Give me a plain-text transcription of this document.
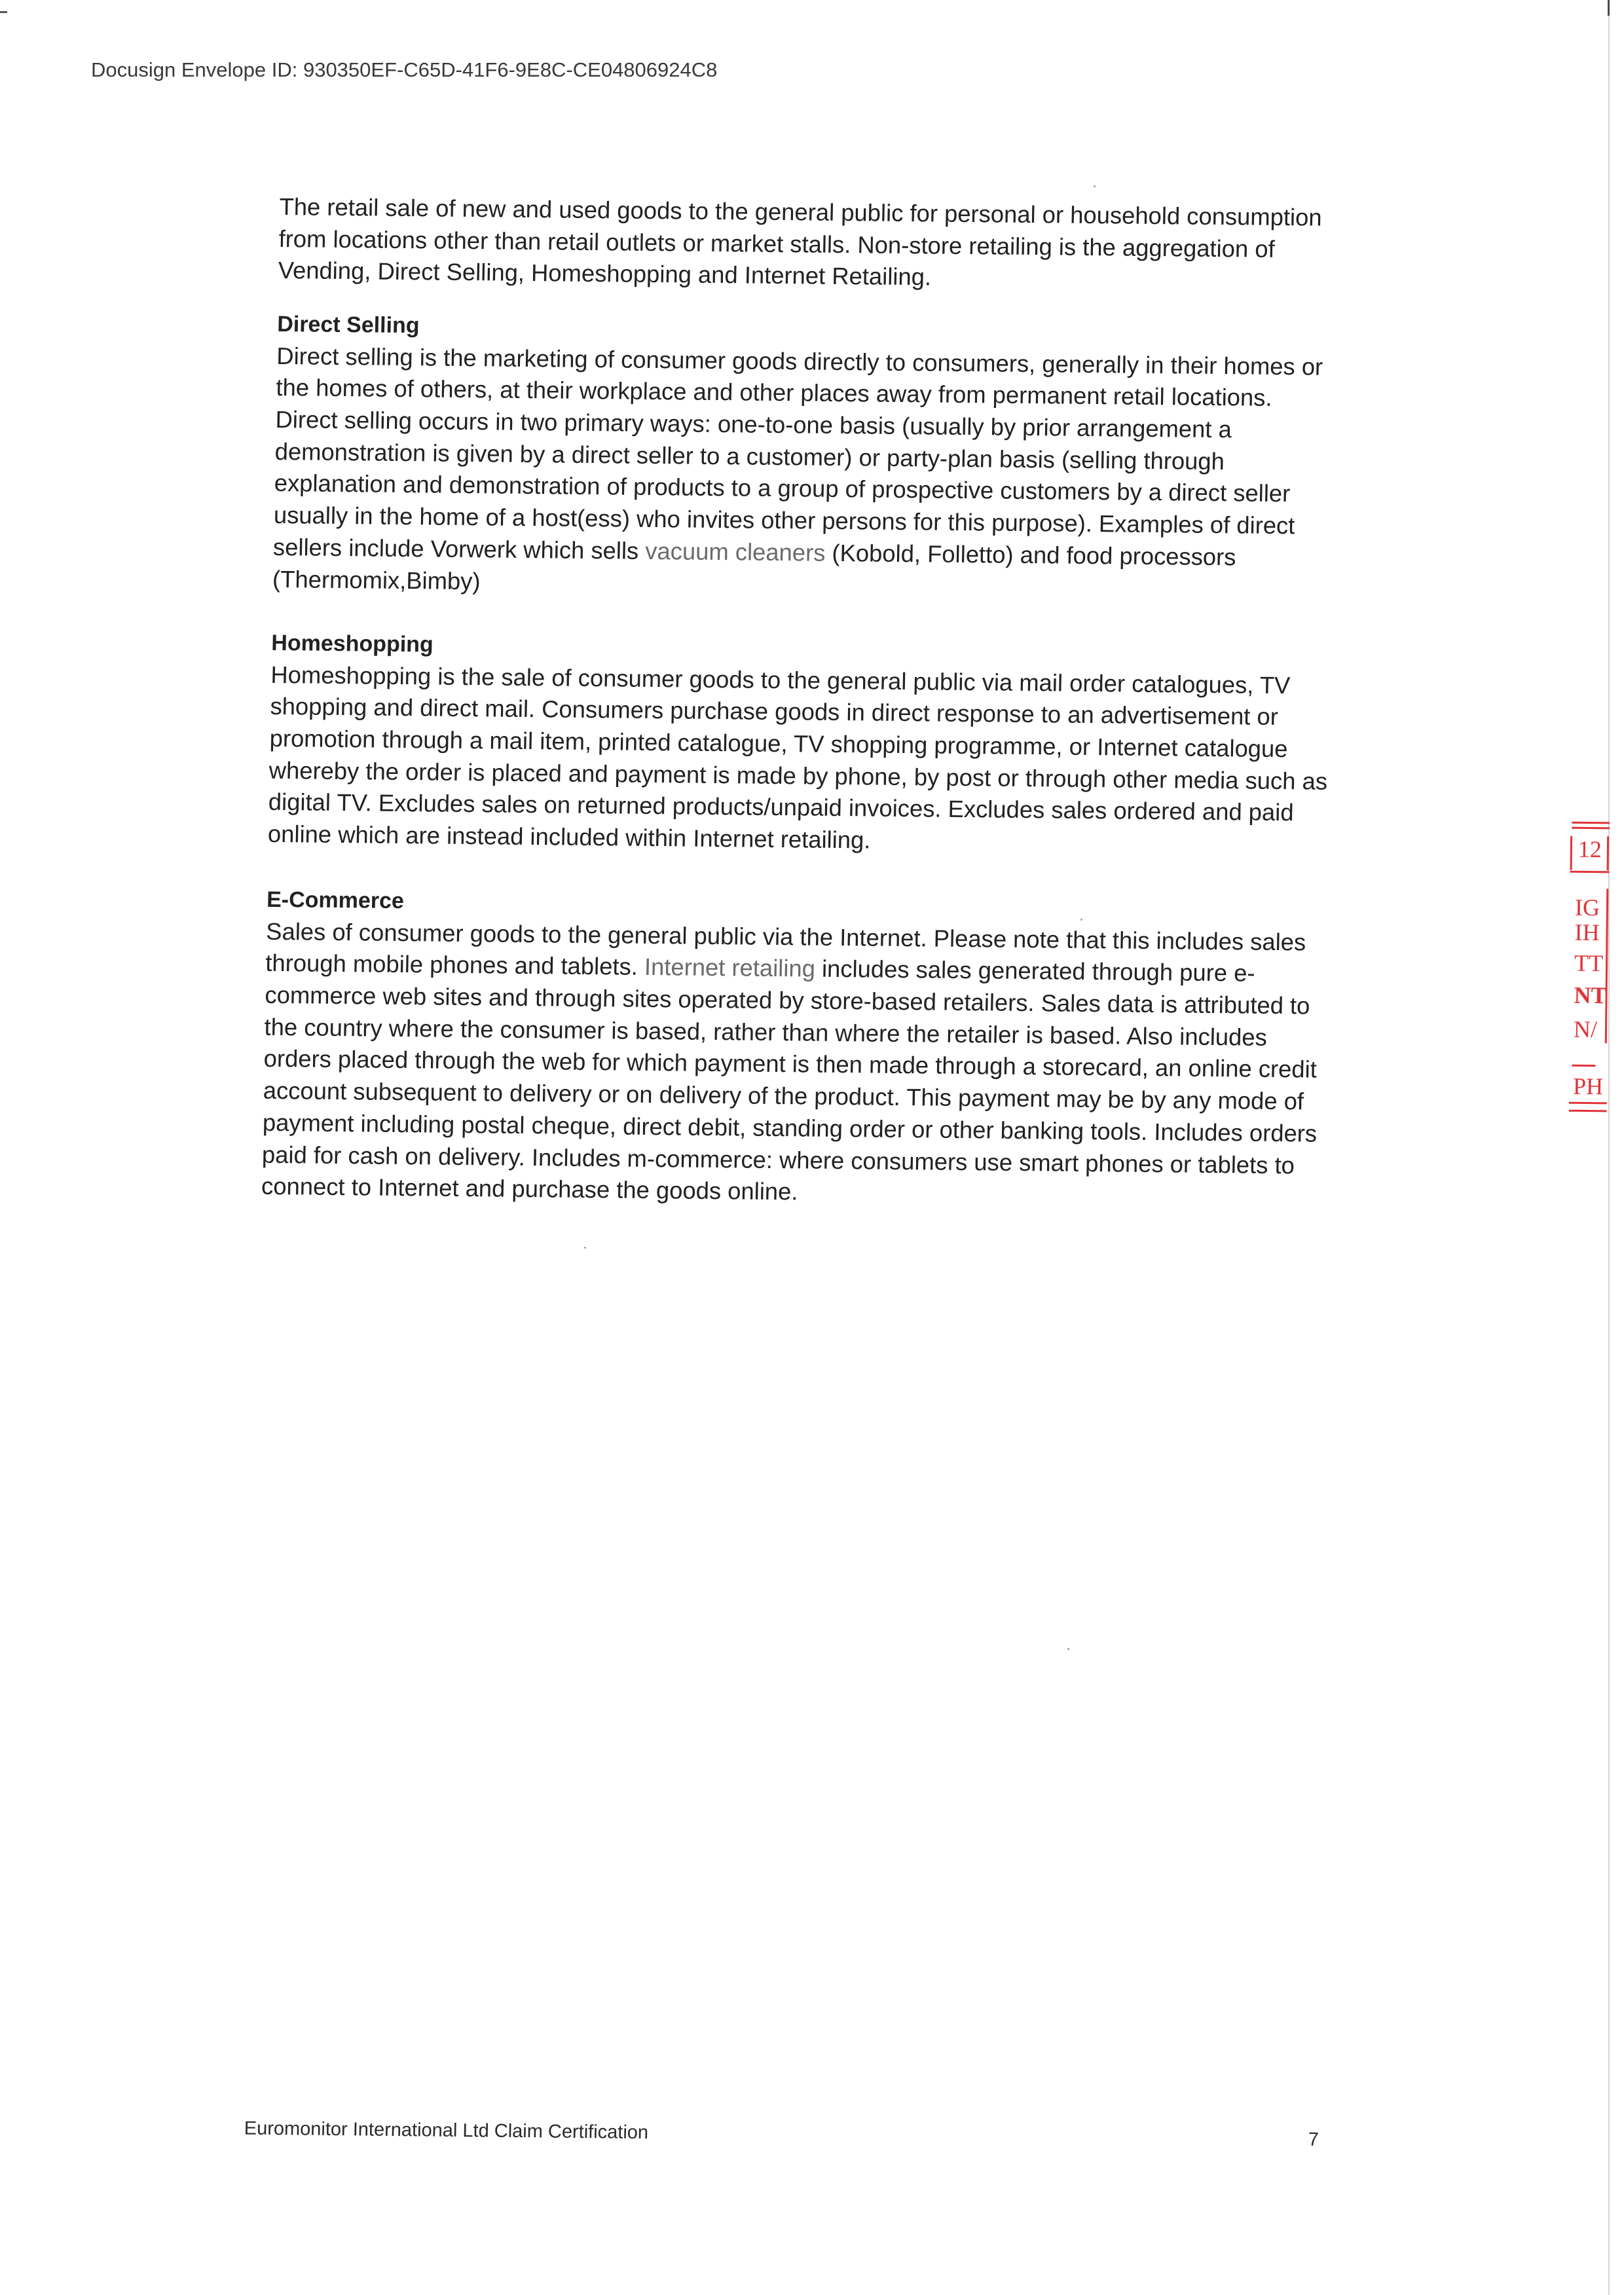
Docusign Envelope ID: 930350EF-C65D-41F6-9E8C-CE04806924C8
The retail sale of new and used goods to the general public for personal or household consumption
from locations other than retail outlets or market stalls. Non-store retailing is the aggregation of
Vending, Direct Selling, Homeshopping and Internet Retailing.
Direct Selling
Direct selling is the marketing of consumer goods directly to consumers, generally in their homes or
the homes of others, at their workplace and other places away from permanent retail locations.
Direct selling occurs in two primary ways: one-to-one basis (usually by prior arrangement a
demonstration is given by a direct seller to a customer) or party-plan basis (selling through
explanation and demonstration of products to a group of prospective customers by a direct seller
usually in the home of a host(ess) who invites other persons for this purpose). Examples of direct
sellers include Vorwerk which sells vacuum cleaners (Kobold, Folletto) and food processors
(Thermomix,Bimby)
Homeshopping
Homeshopping is the sale of consumer goods to the general public via mail order catalogues, TV
shopping and direct mail. Consumers purchase goods in direct response to an advertisement or
promotion through a mail item, printed catalogue, TV shopping programme, or Internet catalogue
whereby the order is placed and payment is made by phone, by post or through other media such as
digital TV. Excludes sales on returned products/unpaid invoices. Excludes sales ordered and paid
online which are instead included within Internet retailing.
E-Commerce
Sales of consumer goods to the general public via the Internet. Please note that this includes sales
through mobile phones and tablets. Internet retailing includes sales generated through pure e-
commerce web sites and through sites operated by store-based retailers. Sales data is attributed to
the country where the consumer is based, rather than where the retailer is based. Also includes
orders placed through the web for which payment is then made through a storecard, an online credit
account subsequent to delivery or on delivery of the product. This payment may be by any mode of
payment including postal cheque, direct debit, standing order or other banking tools. Includes orders
paid for cash on delivery. Includes m-commerce: where consumers use smart phones or tablets to
connect to Internet and purchase the goods online.
Euromonitor International Ltd Claim Certification	7
12
IG
IH
TT
NT
N/
PH
